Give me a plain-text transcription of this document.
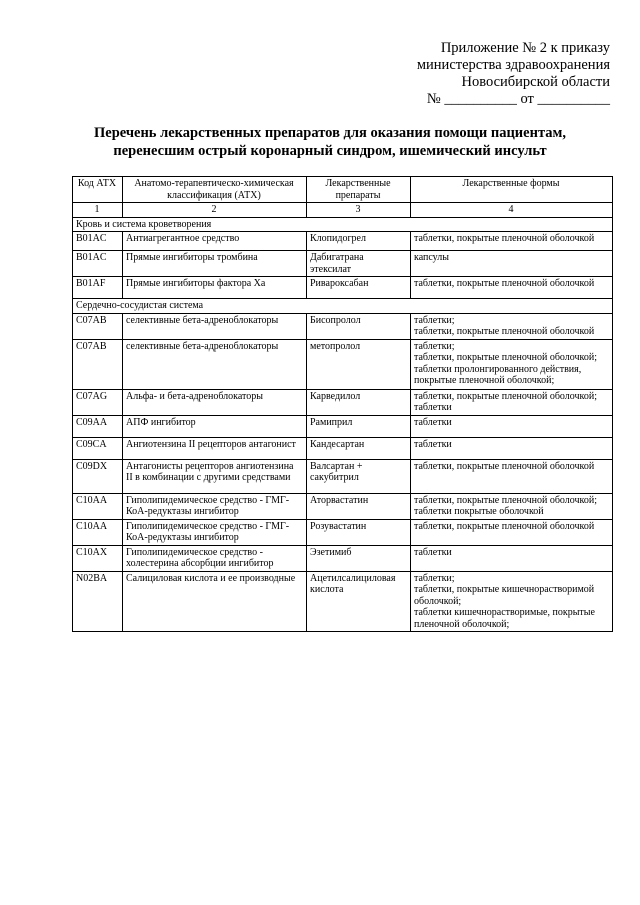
Приложение № 2 к приказу
министерства здравоохранения
Новосибирской области
№ __________ от __________
Перечень лекарственных препаратов для оказания помощи пациентам,
перенесшим острый коронарный синдром, ишемический инсульт
Код АТХ	Анатомо-терапевтическо-химическая классификация (АТХ)	Лекарственные препараты	Лекарственные формы
1	2	3	4
Кровь и система кроветворения			
B01AC	Антиагрегантное средство	Клопидогрел	таблетки, покрытые пленочной оболочкой
B01AC	Прямые ингибиторы тромбина	Дабигатрана этексилат	капсулы
B01AF	Прямые ингибиторы фактора Ха	Ривароксабан	таблетки, покрытые пленочной оболочкой
Сердечно-сосудистая система			
C07AB	селективные бета-адреноблокаторы	Бисопролол	таблетки;
таблетки, покрытые пленочной оболочкой
C07AB	селективные бета-адреноблокаторы	метопролол	таблетки;
таблетки, покрытые пленочной оболочкой;
таблетки пролонгированного действия, покрытые пленочной оболочкой;
C07AG	Альфа- и бета-адреноблокаторы	Карведилол	таблетки, покрытые пленочной оболочкой;
таблетки
C09AA	АПФ ингибитор	Рамиприл	таблетки
C09CA	Ангиотензина II рецепторов антагонист	Кандесартан	таблетки
C09DX	Антагонисты рецепторов ангиотензина II в комбинации с другими средствами	Валсартан + сакубитрил	таблетки, покрытые пленочной оболочкой
C10AA	Гиполипидемическое средство - ГМГ-КоА-редуктазы ингибитор	Аторвастатин	таблетки, покрытые пленочной оболочкой;
таблетки покрытые оболочкой
C10AA	Гиполипидемическое средство - ГМГ-КоА-редуктазы ингибитор	Розувастатин	таблетки, покрытые пленочной оболочкой
C10AX	Гиполипидемическое средство - холестерина абсорбции ингибитор	Эзетимиб	таблетки
N02BA	Салициловая кислота и ее производные	Ацетилсалициловая кислота	таблетки;
таблетки, покрытые кишечнорастворимой оболочкой;
таблетки кишечнорастворимые, покрытые пленочной оболочкой;
